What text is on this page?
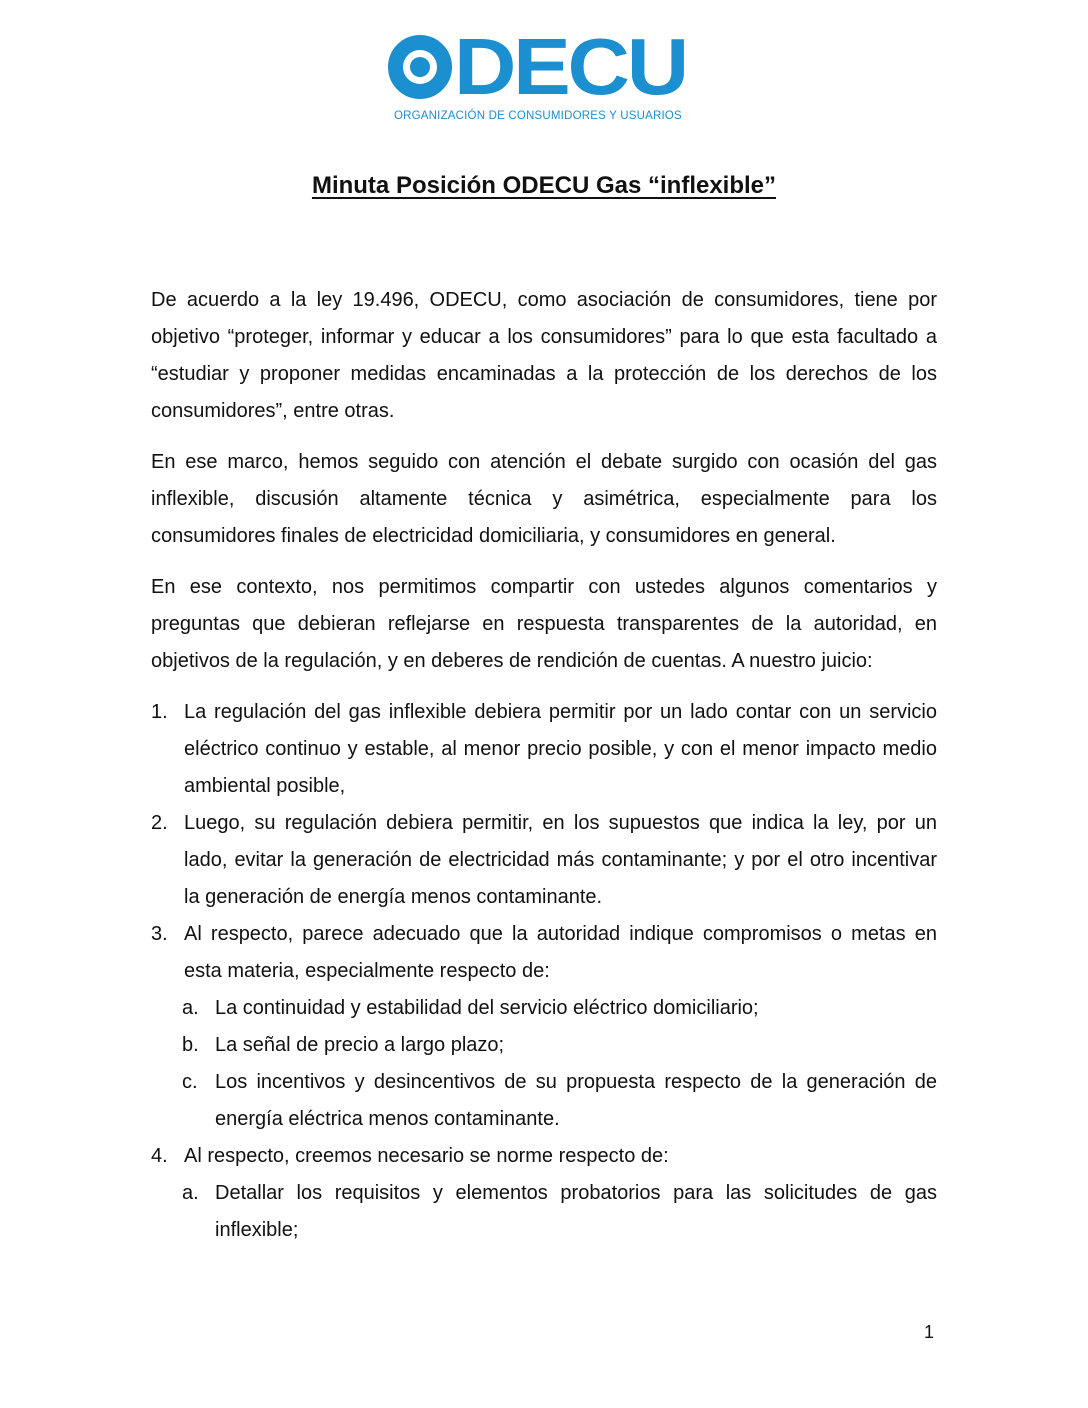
DECU
ORGANIZACIÓN DE CONSUMIDORES Y USUARIOS
Minuta Posición ODECU Gas “inflexible”

De acuerdo a la ley 19.496, ODECU, como asociación de consumidores, tiene por objetivo “proteger, informar y educar a los consumidores” para lo que esta facultado a “estudiar y proponer medidas encaminadas a la protección de los derechos de los consumidores”, entre otras.

En ese marco, hemos seguido con atención el debate surgido con ocasión del gas inflexible, discusión altamente técnica y asimétrica, especialmente para los consumidores finales de electricidad domiciliaria, y consumidores en general.

En ese contexto, nos permitimos compartir con ustedes algunos comentarios y preguntas que debieran reflejarse en respuesta transparentes de la autoridad, en objetivos de la regulación, y en deberes de rendición de cuentas. A nuestro juicio:

1. La regulación del gas inflexible debiera permitir por un lado contar con un servicio eléctrico continuo y estable, al menor precio posible, y con el menor impacto medio ambiental posible,
2. Luego, su regulación debiera permitir, en los supuestos que indica la ley, por un lado, evitar la generación de electricidad más contaminante; y por el otro incentivar la generación de energía menos contaminante.
3. Al respecto, parece adecuado que la autoridad indique compromisos o metas en esta materia, especialmente respecto de:
a. La continuidad y estabilidad del servicio eléctrico domiciliario;
b. La señal de precio a largo plazo;
c. Los incentivos y desincentivos de su propuesta respecto de la generación de energía eléctrica menos contaminante.
4. Al respecto, creemos necesario se norme respecto de:
a. Detallar los requisitos y elementos probatorios para las solicitudes de gas inflexible;
1
